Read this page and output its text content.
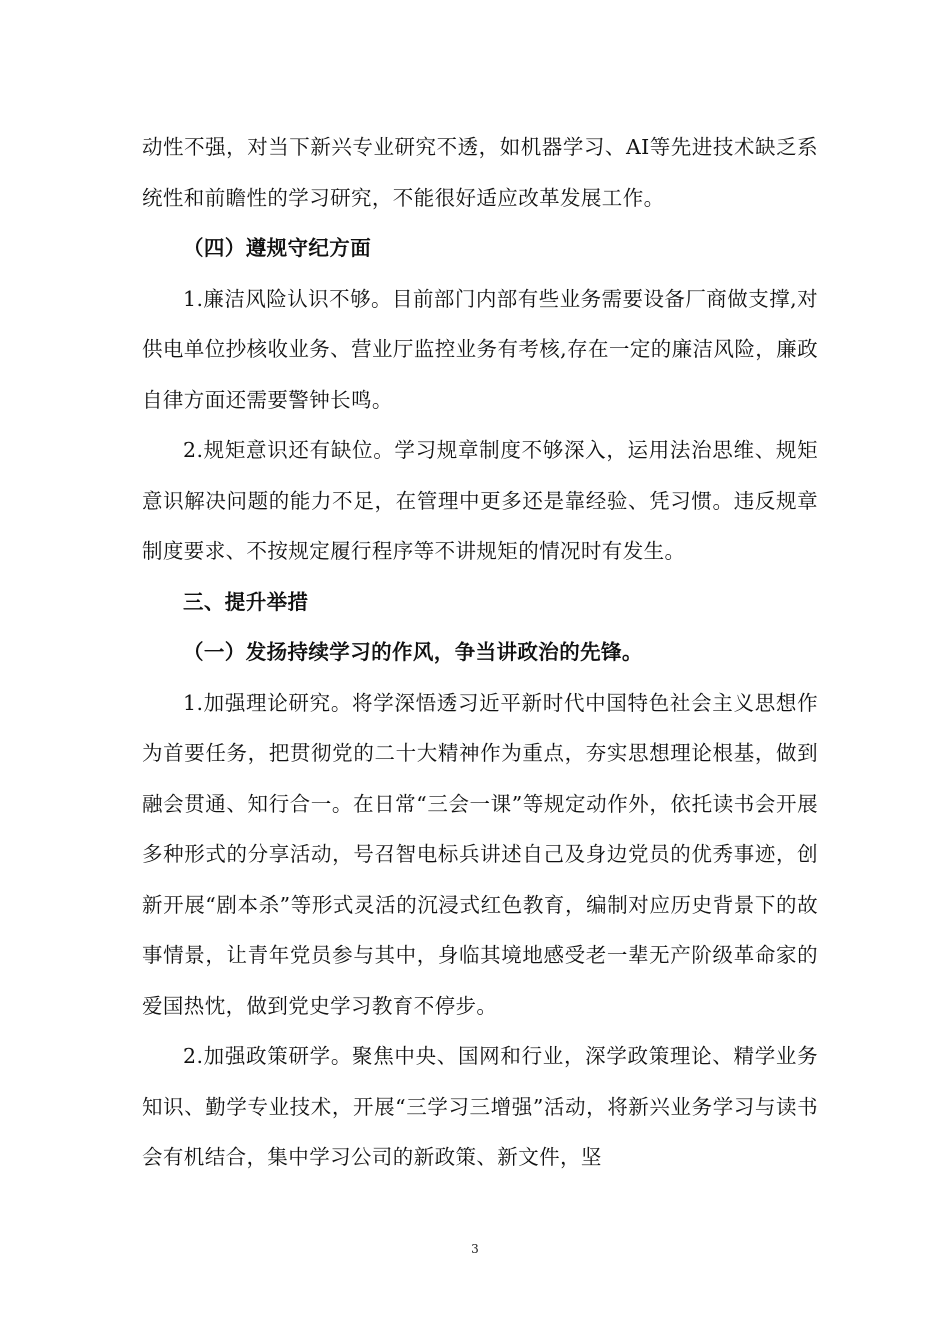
动性不强，对当下新兴专业研究不透，如机器学习、AI等先进技术缺乏系统性和前瞻性的学习研究，不能很好适应改革发展工作。

（四）遵规守纪方面

1.廉洁风险认识不够。目前部门内部有些业务需要设备厂商做支撑,对供电单位抄核收业务、营业厅监控业务有考核,存在一定的廉洁风险，廉政自律方面还需要警钟长鸣。

2.规矩意识还有缺位。学习规章制度不够深入，运用法治思维、规矩意识解决问题的能力不足，在管理中更多还是靠经验、凭习惯。违反规章制度要求、不按规定履行程序等不讲规矩的情况时有发生。

三、提升举措

（一）发扬持续学习的作风，争当讲政治的先锋。

1.加强理论研究。将学深悟透习近平新时代中国特色社会主义思想作为首要任务，把贯彻党的二十大精神作为重点，夯实思想理论根基，做到融会贯通、知行合一。在日常“三会一课”等规定动作外，依托读书会开展多种形式的分享活动，号召智电标兵讲述自己及身边党员的优秀事迹，创新开展“剧本杀”等形式灵活的沉浸式红色教育，编制对应历史背景下的故事情景，让青年党员参与其中，身临其境地感受老一辈无产阶级革命家的爱国热忱，做到党史学习教育不停步。

2.加强政策研学。聚焦中央、国网和行业，深学政策理论、精学业务知识、勤学专业技术，开展“三学习三增强”活动，将新兴业务学习与读书会有机结合，集中学习公司的新政策、新文件，坚

3
